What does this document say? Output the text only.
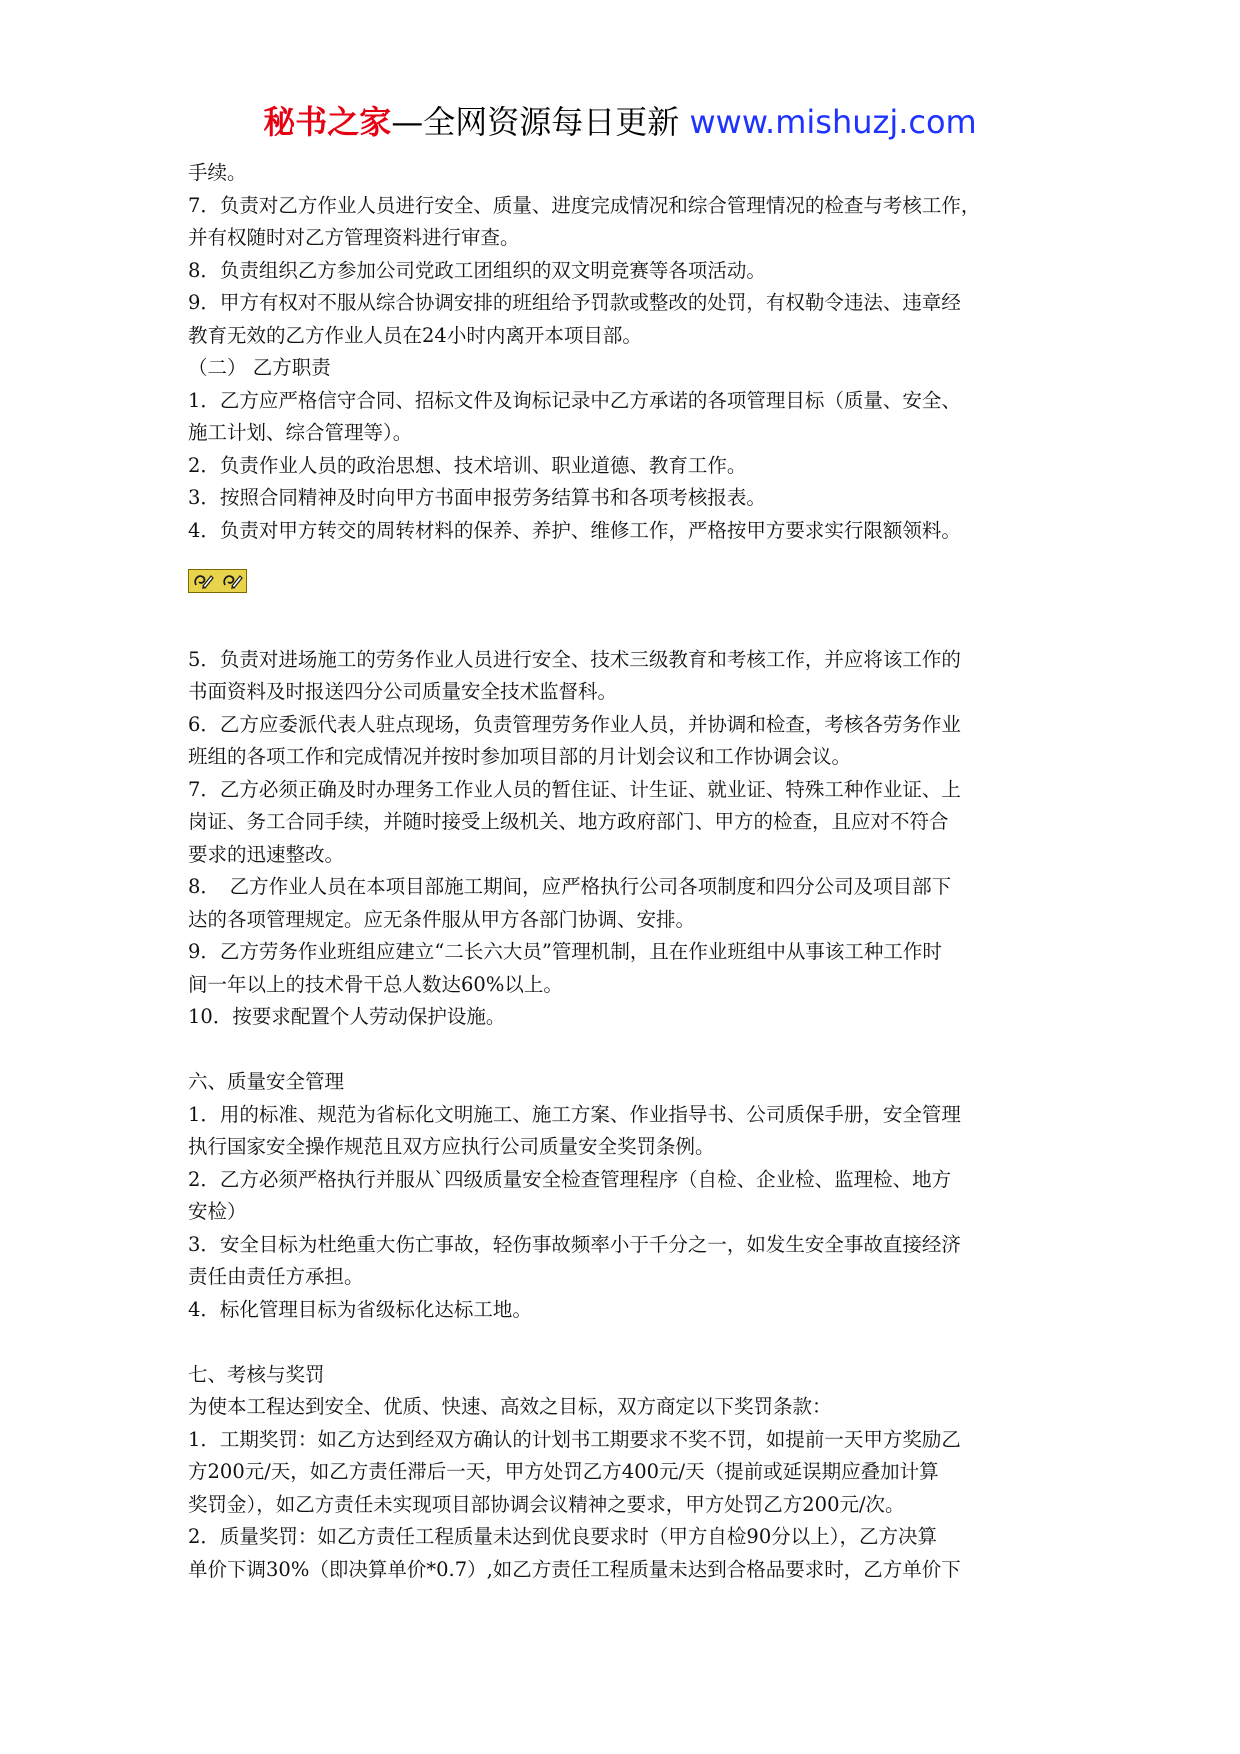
秘书之家—全网资源每日更新 www.mishuzj.com
手续。
7．负责对乙方作业人员进行安全、质量、进度完成情况和综合管理情况的检查与考核工作，
并有权随时对乙方管理资料进行审查。
8．负责组织乙方参加公司党政工团组织的双文明竞赛等各项活动。
9．甲方有权对不服从综合协调安排的班组给予罚款或整改的处罚，有权勒令违法、违章经
教育无效的乙方作业人员在24小时内离开本项目部。
（二） 乙方职责
1．乙方应严格信守合同、招标文件及询标记录中乙方承诺的各项管理目标（质量、安全、
施工计划、综合管理等）。
2．负责作业人员的政治思想、技术培训、职业道德、教育工作。
3．按照合同精神及时向甲方书面申报劳务结算书和各项考核报表。
4．负责对甲方转交的周转材料的保养、养护、维修工作，严格按甲方要求实行限额领料。
5．负责对进场施工的劳务作业人员进行安全、技术三级教育和考核工作，并应将该工作的
书面资料及时报送四分公司质量安全技术监督科。
6．乙方应委派代表人驻点现场，负责管理劳务作业人员，并协调和检查，考核各劳务作业
班组的各项工作和完成情况并按时参加项目部的月计划会议和工作协调会议。
7．乙方必须正确及时办理务工作业人员的暂住证、计生证、就业证、特殊工种作业证、上
岗证、务工合同手续，并随时接受上级机关、地方政府部门、甲方的检查，且应对不符合
要求的迅速整改。
8．　乙方作业人员在本项目部施工期间，应严格执行公司各项制度和四分公司及项目部下
达的各项管理规定。应无条件服从甲方各部门协调、安排。
9．乙方劳务作业班组应建立“二长六大员”管理机制，且在作业班组中从事该工种工作时
间一年以上的技术骨干总人数达60%以上。
10．按要求配置个人劳动保护设施。
六、质量安全管理
1．用的标准、规范为省标化文明施工、施工方案、作业指导书、公司质保手册，安全管理
执行国家安全操作规范且双方应执行公司质量安全奖罚条例。
2．乙方必须严格执行并服从`四级质量安全检查管理程序（自检、企业检、监理检、地方
安检）
3．安全目标为杜绝重大伤亡事故，轻伤事故频率小于千分之一，如发生安全事故直接经济
责任由责任方承担。
4．标化管理目标为省级标化达标工地。
七、考核与奖罚
为使本工程达到安全、优质、快速、高效之目标，双方商定以下奖罚条款：
1．工期奖罚：如乙方达到经双方确认的计划书工期要求不奖不罚，如提前一天甲方奖励乙
方200元/天，如乙方责任滞后一天，甲方处罚乙方400元/天（提前或延误期应叠加计算
奖罚金），如乙方责任未实现项目部协调会议精神之要求，甲方处罚乙方200元/次。
2．质量奖罚：如乙方责任工程质量未达到优良要求时（甲方自检90分以上），乙方决算
单价下调30%（即决算单价*0.7）,如乙方责任工程质量未达到合格品要求时，乙方单价下
